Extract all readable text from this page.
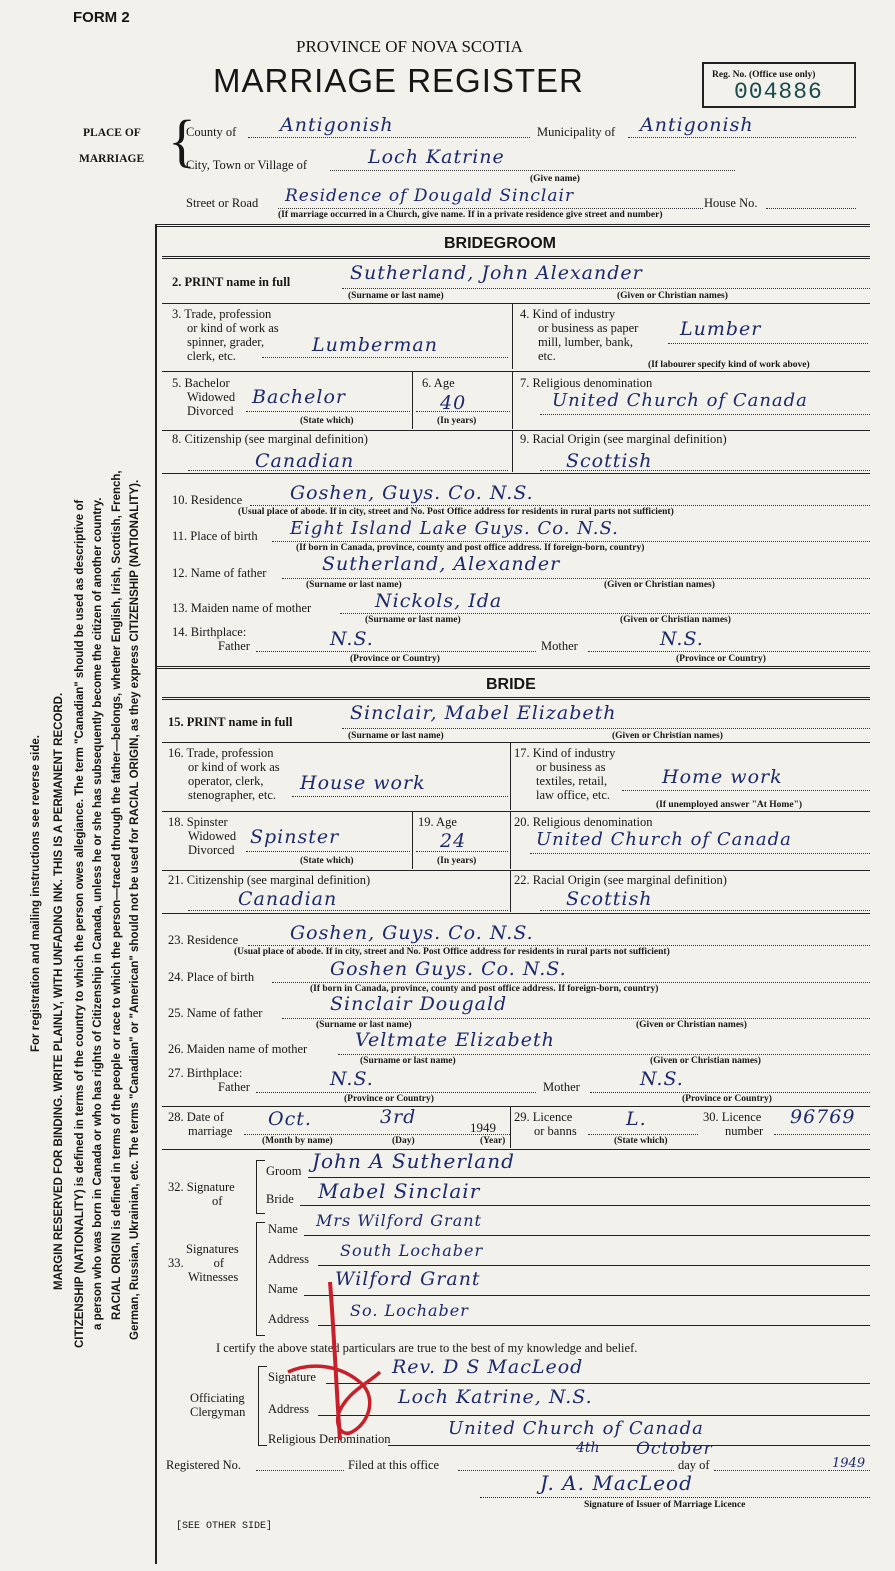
FORM 2
PROVINCE OF NOVA SCOTIA
MARRIAGE REGISTER	Reg. No. (Office use only)
004886
PLACE OF
MARRIAGE {
County of Antigonish	Municipality of Antigonish
City, Town or Village of	Loch Katrine
(Give name)
Street or Road Residence of Dougald Sinclair	House No.
(If marriage occurred in a Church, give name. If in a private residence give street and number)
For registration and mailing instructions see reverse side. MARGIN RESERVED FOR BINDING. WRITE PLAINLY, WITH UNFADING INK. THIS IS A PERMANENT RECORD. CITIZENSHIP (NATIONALITY) is defined in terms of the country to which the person owes allegiance. The term "Canadian" should be used as descriptive of a person who was born in Canada or who has rights of Citizenship in Canada, unless he or she has subsequently become the citizen of another country. RACIAL ORIGIN is defined in terms of the people or race to which the person—traced through the father—belongs, whether English, Irish, Scottish, French, German, Russian, Ukrainian, etc. The terms "Canadian" or "American" should not be used for RACIAL ORIGIN, as they express CITIZENSHIP (NATIONALITY).
BRIDEGROOM
2. PRINT name in full	Sutherland, John Alexander
(Surname or last name)	(Given or Christian names)
3. Trade, profession
or kind of work as
spinner, grader,
clerk, etc.	Lumberman
4. Kind of industry
or business as paper
mill, lumber, bank,
etc.
Lumber
(If labourer specify kind of work above)
5. Bachelor
Widowed
Divorced
Bachelor
(State which)
6. Age
40
(In years)
7. Religious denomination
United Church of Canada
8. Citizenship (see marginal definition)
Canadian
9. Racial Origin (see marginal definition)
Scottish
10. Residence	Goshen, Guys. Co. N.S.
(Usual place of abode. If in city, street and No. Post Office address for residents in rural parts not sufficient)
11. Place of birth Eight Island Lake Guys. Co. N.S.
(If born in Canada, province, county and post office address. If foreign-born, country)
12. Name of father	Sutherland, Alexander
(Surname or last name)	(Given or Christian names)
13. Maiden name of mother	Nickols, Ida
(Surname or last name)	(Given or Christian names)
14. Birthplace:
Father	N.S.	Mother	N.S.
(Province or Country)	(Province or Country)
BRIDE
15. PRINT name in full	Sinclair, Mabel Elizabeth
(Surname or last name)	(Given or Christian names)
16. Trade, profession
or kind of work as
operator, clerk,
stenographer, etc.
House work
17. Kind of industry
or business as
textiles, retail,
law office, etc.
Home work
(If unemployed answer "At Home")
18. Spinster
Widowed
Divorced
Spinster
(State which)
19. Age
24
(In years)
20. Religious denomination
United Church of Canada
21. Citizenship (see marginal definition)
Canadian
22. Racial Origin (see marginal definition)
Scottish
23. Residence	Goshen, Guys. Co. N.S.
(Usual place of abode. If in city, street and No. Post Office address for residents in rural parts not sufficient)
24. Place of birth	Goshen Guys. Co. N.S.
(If born in Canada, province, county and post office address. If foreign-born, country)
25. Name of father	Sinclair Dougald
(Surname or last name)	(Given or Christian names)
26. Maiden name of mother	Veltmate Elizabeth
(Surname or last name)	(Given or Christian names)
27. Birthplace:
Father	N.S.	Mother	N.S.
(Province or Country)	(Province or Country)
28. Date of
marriage
Oct.	3rd	1949
(Month by name)	(Day)	(Year)
29. Licence
or banns
L.
(State which)
30. Licence
number
96769
32. Signature
of
Groom John A Sutherland
Bride Mabel Sinclair
Signatures
33. of
Witnesses
Name Mrs Wilford Grant
Address South Lochaber
Name Wilford Grant
Address	So. Lochaber
I certify the above stated particulars are true to the best of my knowledge and belief.
Officiating
Clergyman
Signature	Rev. D S MacLeod
Address
Loch Katrine, N.S.
Religious Denomination	United Church of Canada
Registered No.	Filed at this office
4th
day of
October
1949
J. A. MacLeod
Signature of Issuer of Marriage Licence
[SEE OTHER SIDE]
